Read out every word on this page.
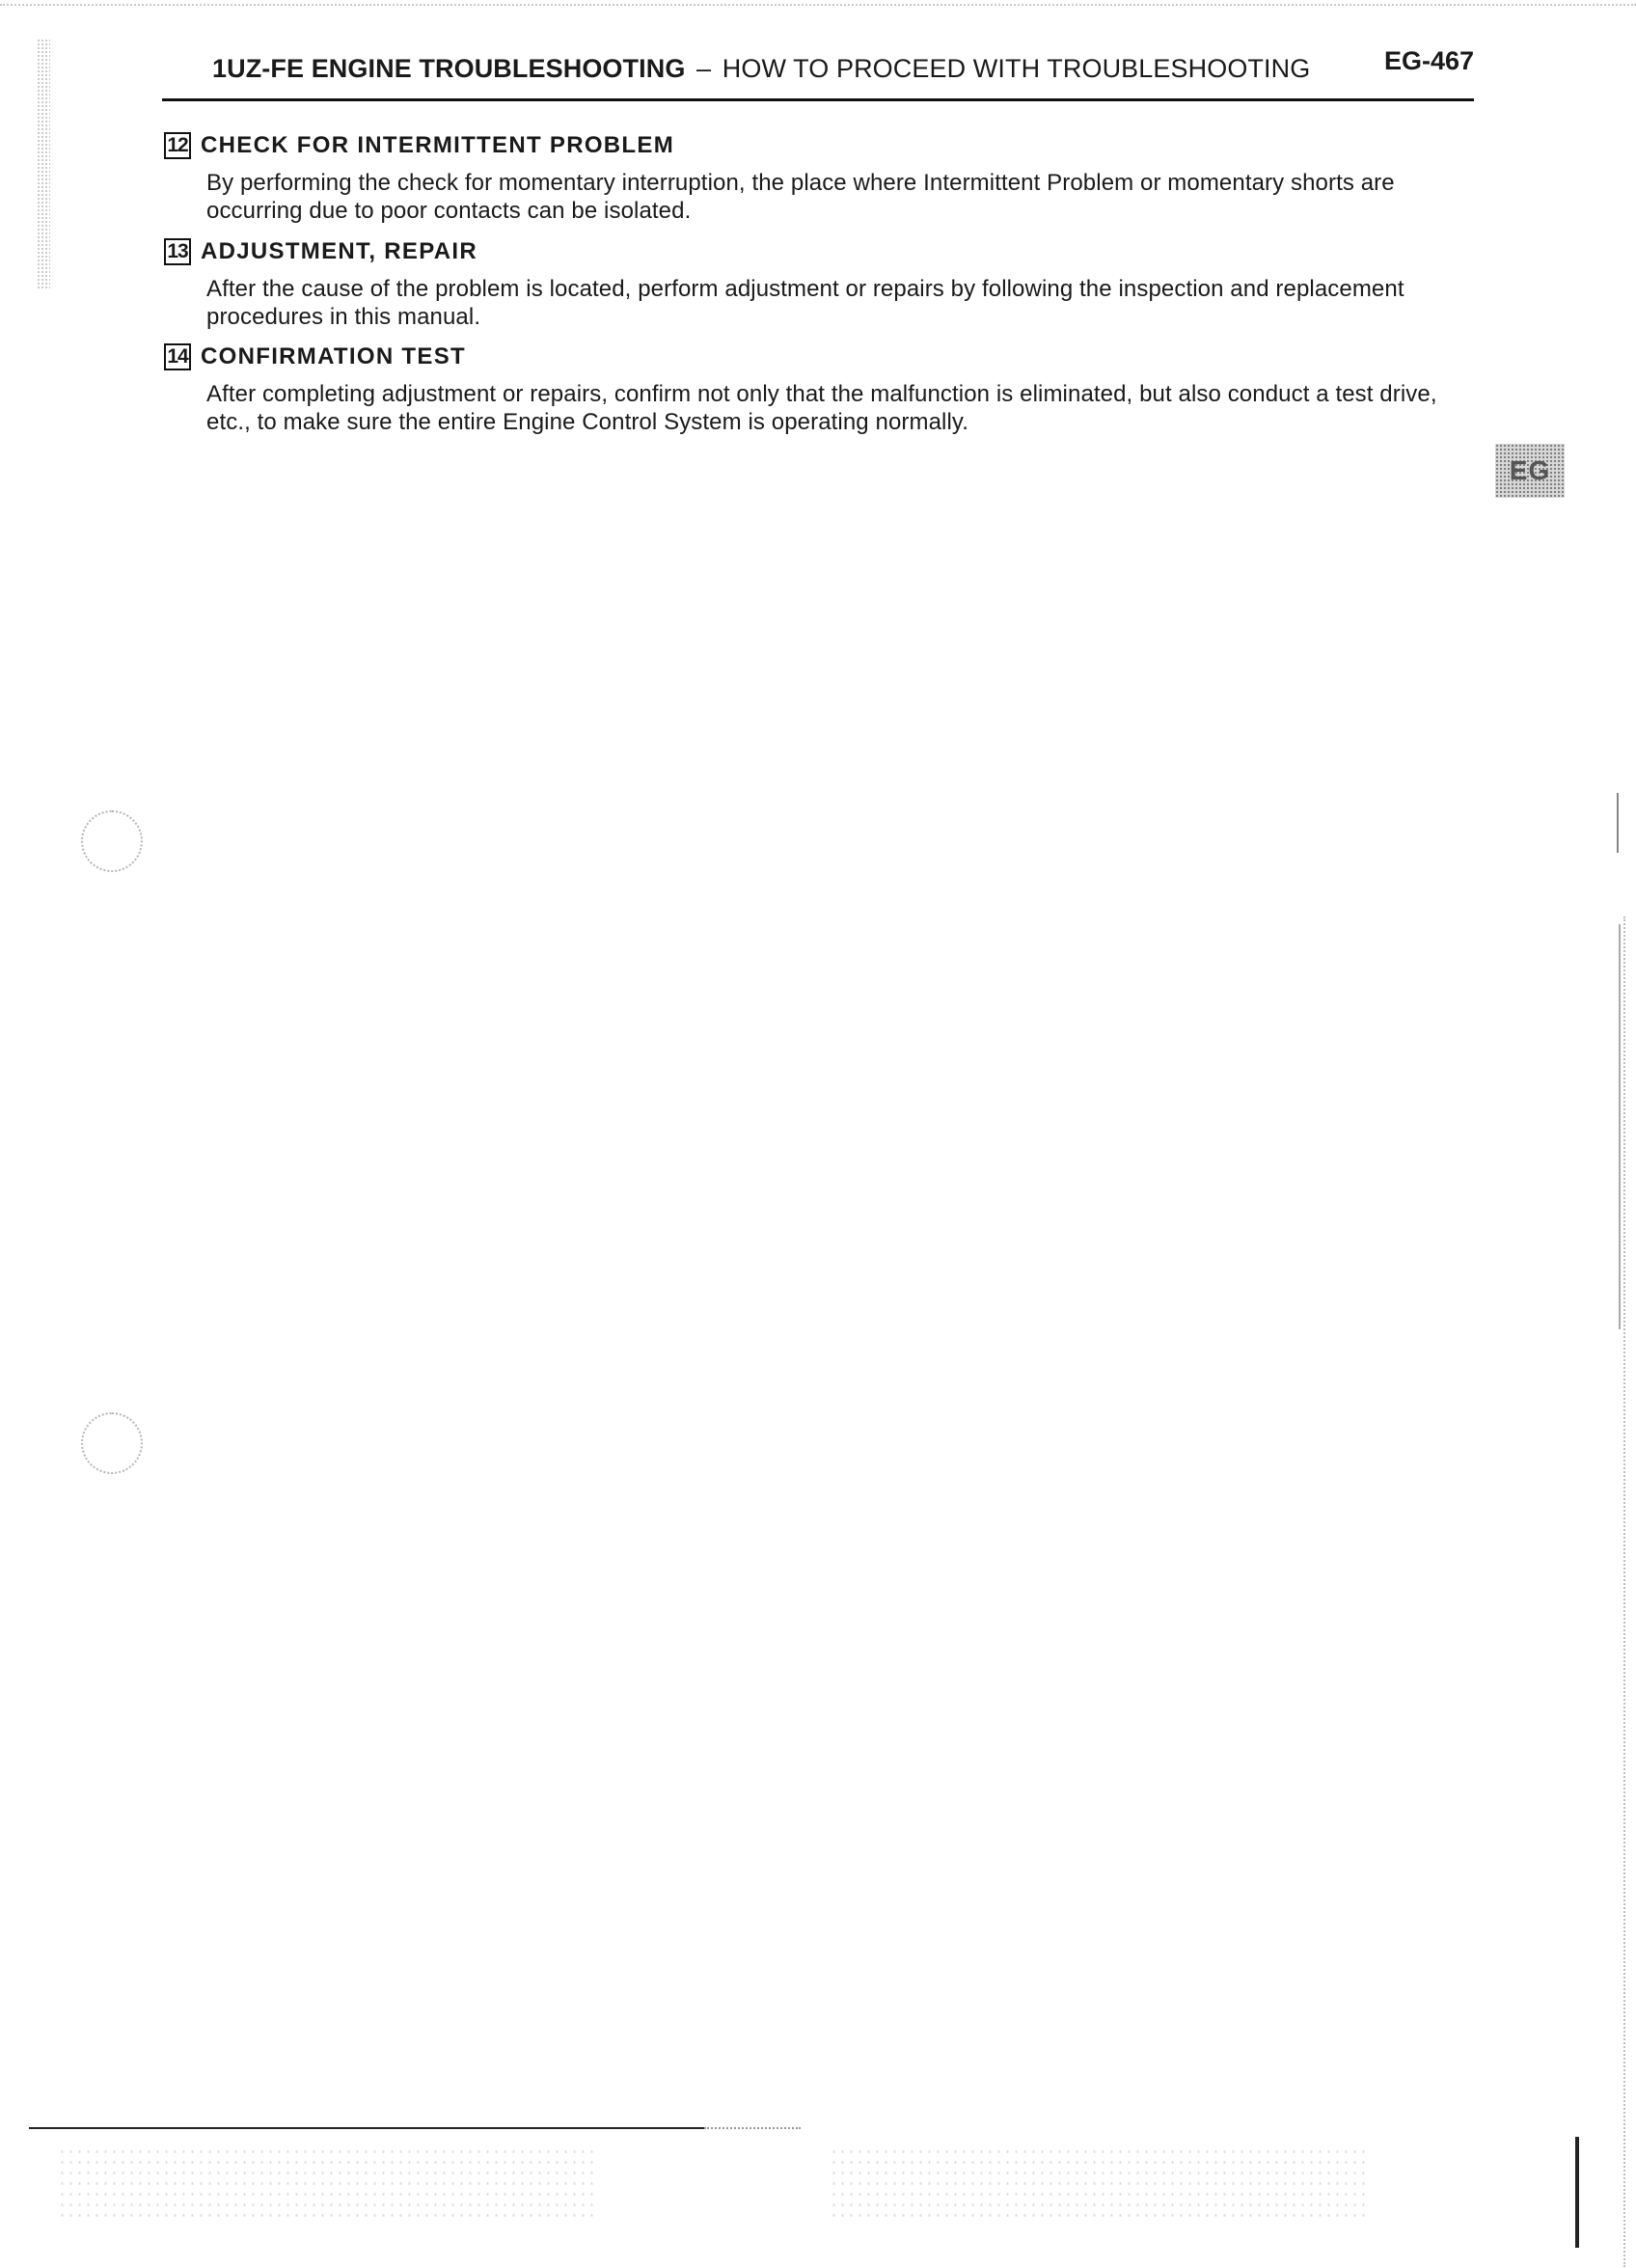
1UZ-FE ENGINE TROUBLESHOOTING – HOW TO PROCEED WITH TROUBLESHOOTING	EG-467
12 CHECK FOR INTERMITTENT PROBLEM
By performing the check for momentary interruption, the place where Intermittent Problem or momentary shorts are occurring due to poor contacts can be isolated.
13 ADJUSTMENT, REPAIR
After the cause of the problem is located, perform adjustment or repairs by following the inspection and replacement procedures in this manual.
14 CONFIRMATION TEST
After completing adjustment or repairs, confirm not only that the malfunction is eliminated, but also conduct a test drive, etc., to make sure the entire Engine Control System is operating normally.
EG
